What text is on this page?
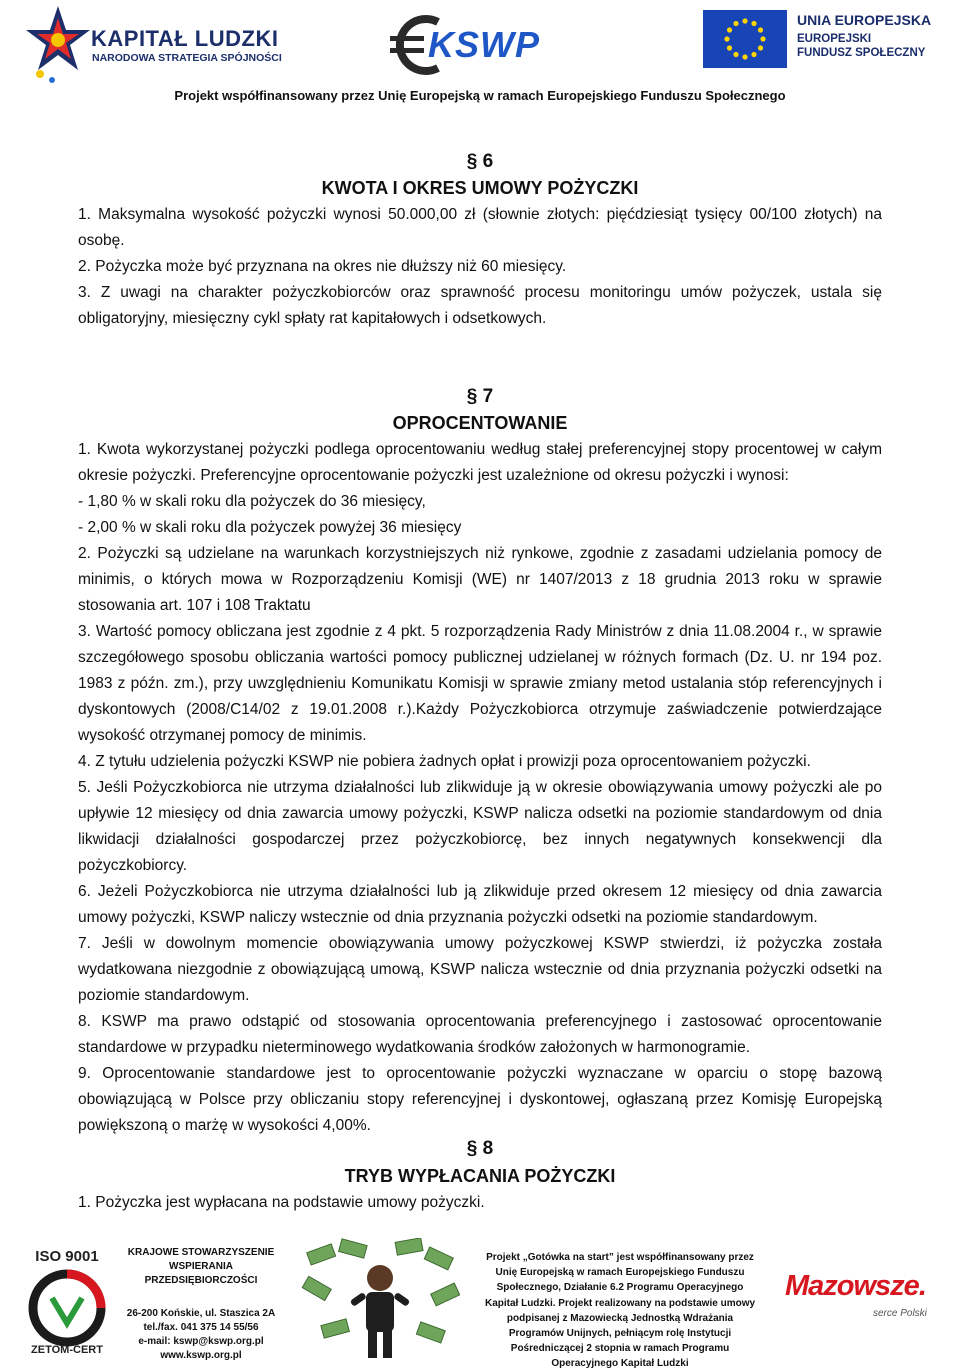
KAPITAŁ LUDZKI
NARODOWA STRATEGIA SPÓJNOŚCI	KSWP
UNIA EUROPEJSKA
EUROPEJSKI
FUNDUSZ SPOŁECZNY
Projekt współfinansowany przez Unię Europejską w ramach Europejskiego Funduszu Społecznego
§ 6
KWOTA I OKRES UMOWY POŻYCZKI

1. Maksymalna wysokość pożyczki wynosi 50.000,00 zł (słownie złotych: pięćdziesiąt tysięcy 00/100 złotych) na osobę.

2. Pożyczka może być przyznana na okres nie dłuższy niż 60 miesięcy.

3. Z uwagi na charakter pożyczkobiorców oraz sprawność procesu monitoringu umów pożyczek, ustala się obligatoryjny, miesięczny cykl spłaty rat kapitałowych i odsetkowych.

§ 7
OPROCENTOWANIE

1. Kwota wykorzystanej pożyczki podlega oprocentowaniu według stałej preferencyjnej stopy procentowej w całym okresie pożyczki. Preferencyjne oprocentowanie pożyczki jest uzależnione od okresu pożyczki i wynosi:

- 1,80 % w skali roku dla pożyczek do 36 miesięcy,

- 2,00 % w skali roku dla pożyczek powyżej 36 miesięcy

2. Pożyczki są udzielane na warunkach korzystniejszych niż rynkowe, zgodnie z zasadami udzielania pomocy de minimis, o których mowa w Rozporządzeniu Komisji (WE) nr 1407/2013 z 18 grudnia 2013 roku w sprawie stosowania art. 107 i 108 Traktatu

3. Wartość pomocy obliczana jest zgodnie z 4 pkt. 5 rozporządzenia Rady Ministrów z dnia 11.08.2004 r., w sprawie szczegółowego sposobu obliczania wartości pomocy publicznej udzielanej w różnych formach (Dz. U. nr 194 poz. 1983 z późn. zm.), przy uwzględnieniu Komunikatu Komisji w sprawie zmiany metod ustalania stóp referencyjnych i dyskontowych (2008/C14/02 z 19.01.2008 r.).Każdy Pożyczkobiorca otrzymuje zaświadczenie potwierdzające wysokość otrzymanej pomocy de minimis.

4. Z tytułu udzielenia pożyczki KSWP nie pobiera żadnych opłat i prowizji poza oprocentowaniem pożyczki.

5. Jeśli Pożyczkobiorca nie utrzyma działalności lub zlikwiduje ją w okresie obowiązywania umowy pożyczki ale po upływie 12 miesięcy od dnia zawarcia umowy pożyczki, KSWP nalicza odsetki na poziomie standardowym od dnia likwidacji działalności gospodarczej przez pożyczkobiorcę, bez innych negatywnych konsekwencji dla pożyczkobiorcy.

6. Jeżeli Pożyczkobiorca nie utrzyma działalności lub ją zlikwiduje przed okresem 12 miesięcy od dnia zawarcia umowy pożyczki, KSWP naliczy wstecznie od dnia przyznania pożyczki odsetki na poziomie standardowym.

7. Jeśli w dowolnym momencie obowiązywania umowy pożyczkowej KSWP stwierdzi, iż pożyczka została wydatkowana niezgodnie z obowiązującą umową, KSWP nalicza wstecznie od dnia przyznania pożyczki odsetki na poziomie standardowym.

8. KSWP ma prawo odstąpić od stosowania oprocentowania preferencyjnego i zastosować oprocentowanie standardowe w przypadku nieterminowego wydatkowania środków założonych w harmonogramie.

9. Oprocentowanie standardowe jest to oprocentowanie pożyczki wyznaczane w oparciu o stopę bazową obowiązującą w Polsce przy obliczaniu stopy referencyjnej i dyskontowej, ogłaszaną przez Komisję Europejską powiększoną o marżę w wysokości 4,00%.

§ 8
TRYB WYPŁACANIA POŻYCZKI

1. Pożyczka jest wypłacana na podstawie umowy pożyczki.

ISO 9001
ZETOM-CERT
KRAJOWE STOWARZYSZENIE
WSPIERANIA
PRZEDSIĘBIORCZOŚCI
26-200 Końskie, ul. Staszica 2A
tel./fax. 041 375 14 55/56
e-mail: kswp@kswp.org.pl
www.kswp.org.pl
Projekt „Gotówka na start” jest współfinansowany przez
Unię Europejską w ramach Europejskiego Funduszu
Społecznego, Działanie 6.2 Programu Operacyjnego
Kapitał Ludzki. Projekt realizowany na podstawie umowy
podpisanej z Mazowiecką Jednostką Wdrażania
Programów Unijnych, pełniącym rolę Instytucji
Pośredniczącej 2 stopnia w ramach Programu
Operacyjnego Kapitał Ludzki
Mazowsze.
serce Polski
